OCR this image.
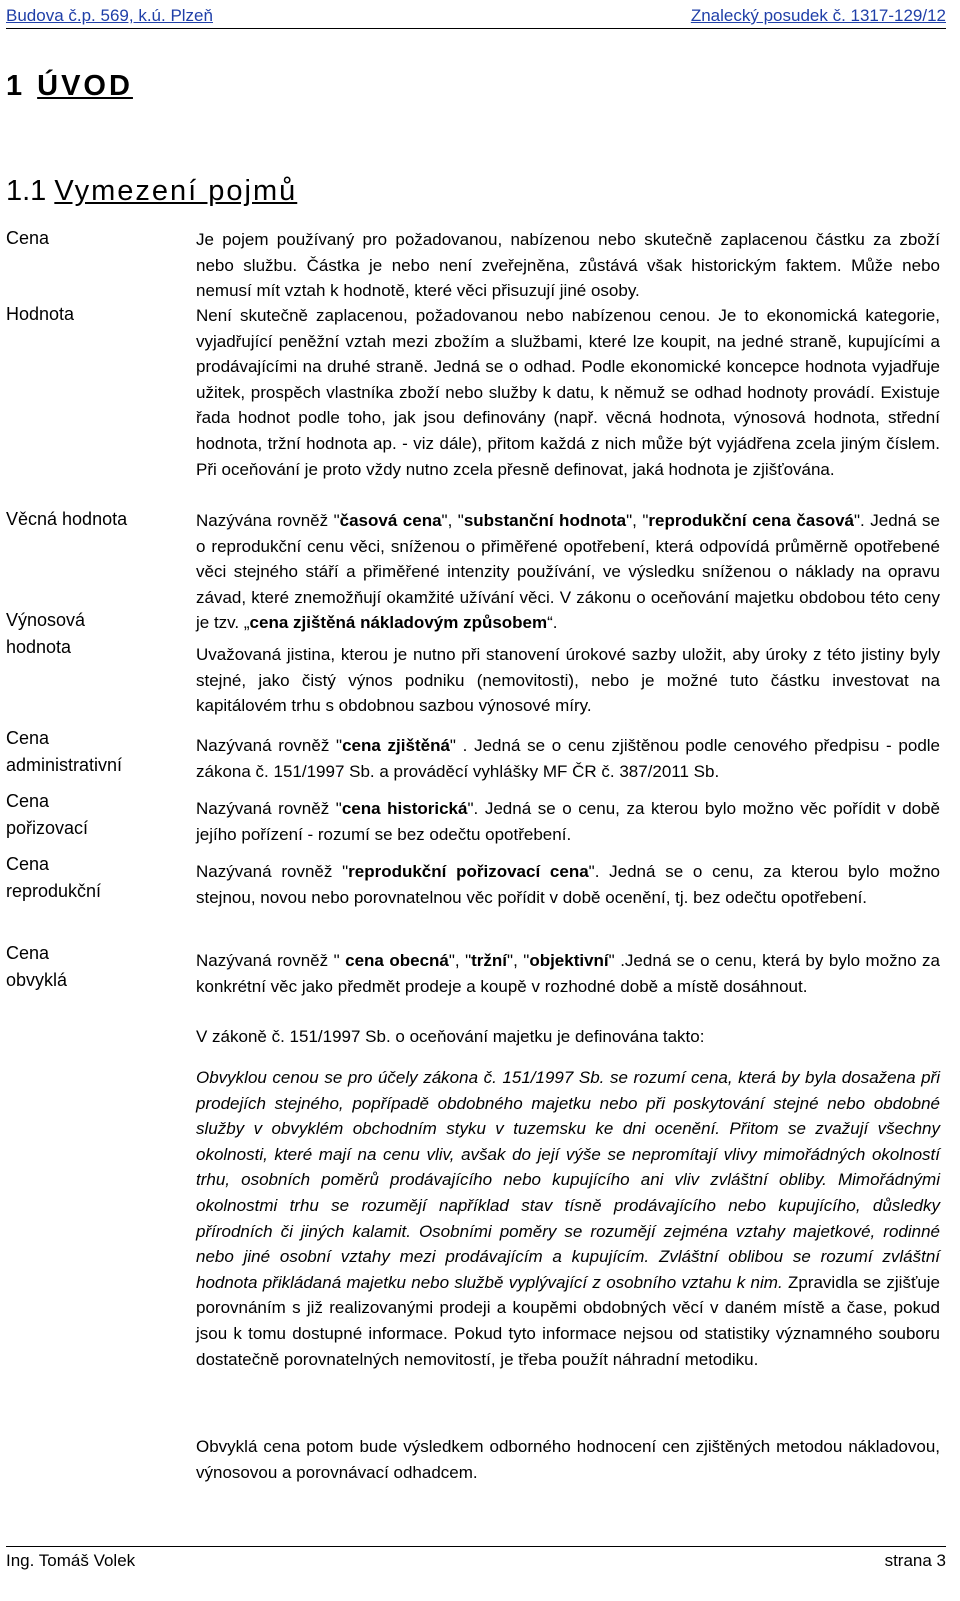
Budova č.p. 569, k.ú. Plzeň	Znalecký posudek č. 1317-129/12
1 ÚVOD
1.1 Vymezení pojmů
Cena
Hodnota
Věcná hodnota
Výnosová
hodnota
Cena
administrativní
Cena
pořizovací
Cena
reprodukční
Cena
obvyklá
Je pojem používaný pro požadovanou, nabízenou nebo skutečně zaplacenou částku za zboží nebo službu. Částka je nebo není zveřejněna, zůstává však historickým faktem. Může nebo nemusí mít vztah k hodnotě, které věci přisuzují jiné osoby.
Není skutečně zaplacenou, požadovanou nebo nabízenou cenou. Je to ekonomická kategorie, vyjadřující peněžní vztah mezi zbožím a službami, které lze koupit, na jedné straně, kupujícími a prodávajícími na druhé straně. Jedná se o odhad. Podle ekonomické koncepce hodnota vyjadřuje užitek, prospěch vlastníka zboží nebo služby k datu, k němuž se odhad hodnoty provádí. Existuje řada hodnot podle toho, jak jsou definovány (např. věcná hodnota, výnosová hodnota, střední hodnota, tržní hodnota ap. - viz dále), přitom každá z nich může být vyjádřena zcela jiným číslem. Při oceňování je proto vždy nutno zcela přesně definovat, jaká hodnota je zjišťována.
Nazývána rovněž "časová cena", "substanční hodnota", "reprodukční cena časová". Jedná se o reprodukční cenu věci, sníženou o přiměřené opotřebení, která odpovídá průměrně opotřebené věci stejného stáří a přiměřené intenzity používání, ve výsledku sníženou o náklady na opravu závad, které znemožňují okamžité užívání věci. V zákonu o oceňování majetku obdobou této ceny je tzv. „cena zjištěná nákladovým způsobem“.
Uvažovaná jistina, kterou je nutno při stanovení úrokové sazby uložit, aby úroky z této jistiny byly stejné, jako čistý výnos podniku (nemovitosti), nebo je možné tuto částku investovat na kapitálovém trhu s obdobnou sazbou výnosové míry.
Nazývaná rovněž "cena zjištěná" . Jedná se o cenu zjištěnou podle cenového předpisu - podle zákona č. 151/1997 Sb. a prováděcí vyhlášky MF ČR č. 387/2011 Sb.
Nazývaná rovněž "cena historická". Jedná se o cenu, za kterou bylo možno věc pořídit v době jejího pořízení - rozumí se bez odečtu opotřebení.
Nazývaná rovněž "reprodukční pořizovací cena". Jedná se o cenu, za kterou bylo možno stejnou, novou nebo porovnatelnou věc pořídit v době ocenění, tj. bez odečtu opotřebení.
Nazývaná rovněž " cena obecná", "tržní", "objektivní" .Jedná se o cenu, která by bylo možno za konkrétní věc jako předmět prodeje a koupě v rozhodné době a místě dosáhnout.
V zákoně č. 151/1997 Sb. o oceňování majetku je definována takto:
Obvyklou cenou se pro účely zákona č. 151/1997 Sb. se rozumí cena, která by byla dosažena při prodejích stejného, popřípadě obdobného majetku nebo při poskytování stejné nebo obdobné služby v obvyklém obchodním styku v tuzemsku ke dni ocenění. Přitom se zvažují všechny okolnosti, které mají na cenu vliv, avšak do její výše se nepromítají vlivy mimořádných okolností trhu, osobních poměrů prodávajícího nebo kupujícího ani vliv zvláštní obliby. Mimořádnými okolnostmi trhu se rozumějí například stav tísně prodávajícího nebo kupujícího, důsledky přírodních či jiných kalamit. Osobními poměry se rozumějí zejména vztahy majetkové, rodinné nebo jiné osobní vztahy mezi prodávajícím a kupujícím. Zvláštní oblibou se rozumí zvláštní hodnota přikládaná majetku nebo službě vyplývající z osobního vztahu k nim. Zpravidla se zjišťuje porovnáním s již realizovanými prodeji a koupěmi obdobných věcí v daném místě a čase, pokud jsou k tomu dostupné informace. Pokud tyto informace nejsou od statistiky významného souboru dostatečně porovnatelných nemovitostí, je třeba použít náhradní metodiku.
Obvyklá cena potom bude výsledkem odborného hodnocení cen zjištěných metodou nákladovou, výnosovou a porovnávací odhadcem.
Ing. Tomáš Volek	strana 3
